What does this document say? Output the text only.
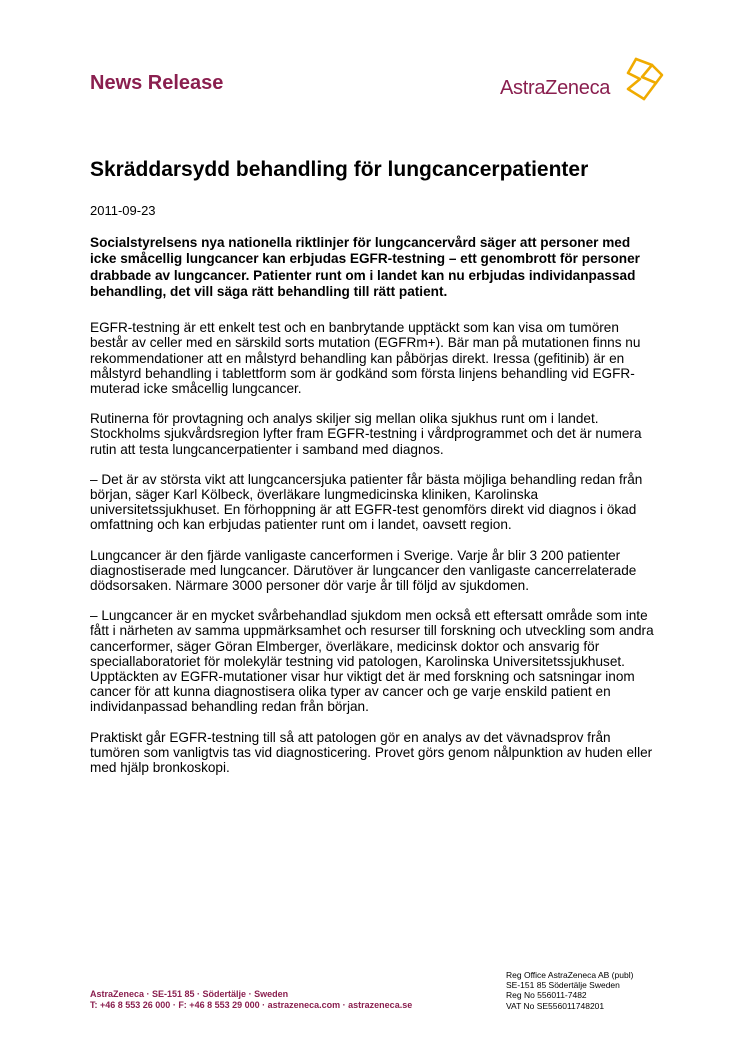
News Release	AstraZeneca
Skräddarsydd behandling för lungcancerpatienter
2011-09-23

Socialstyrelsens nya nationella riktlinjer för lungcancervård säger att personer med icke småcellig lungcancer kan erbjudas EGFR-testning – ett genombrott för personer drabbade av lungcancer. Patienter runt om i landet kan nu erbjudas individanpassad behandling, det vill säga rätt behandling till rätt patient.

EGFR-testning är ett enkelt test och en banbrytande upptäckt som kan visa om tumören består av celler med en särskild sorts mutation (EGFRm+). Bär man på mutationen finns nu rekommendationer att en målstyrd behandling kan påbörjas direkt. Iressa (gefitinib) är en målstyrd behandling i tablettform som är godkänd som första linjens behandling vid EGFR-muterad icke småcellig lungcancer.

Rutinerna för provtagning och analys skiljer sig mellan olika sjukhus runt om i landet. Stockholms sjukvårdsregion lyfter fram EGFR-testning i vårdprogrammet och det är numera rutin att testa lungcancerpatienter i samband med diagnos.

– Det är av största vikt att lungcancersjuka patienter får bästa möjliga behandling redan från början, säger Karl Kölbeck, överläkare lungmedicinska kliniken, Karolinska universitetssjukhuset. En förhoppning är att EGFR-test genomförs direkt vid diagnos i ökad omfattning och kan erbjudas patienter runt om i landet, oavsett region.

Lungcancer är den fjärde vanligaste cancerformen i Sverige. Varje år blir 3 200 patienter diagnostiserade med lungcancer. Därutöver är lungcancer den vanligaste cancerrelaterade dödsorsaken. Närmare 3000 personer dör varje år till följd av sjukdomen.

– Lungcancer är en mycket svårbehandlad sjukdom men också ett eftersatt område som inte fått i närheten av samma uppmärksamhet och resurser till forskning och utveckling som andra cancerformer, säger Göran Elmberger, överläkare, medicinsk doktor och ansvarig för speciallaboratoriet för molekylär testning vid patologen, Karolinska Universitetssjukhuset. Upptäckten av EGFR-mutationer visar hur viktigt det är med forskning och satsningar inom cancer för att kunna diagnostisera olika typer av cancer och ge varje enskild patient en individanpassad behandling redan från början.

Praktiskt går EGFR-testning till så att patologen gör en analys av det vävnadsprov från tumören som vanligtvis tas vid diagnosticering. Provet görs genom nålpunktion av huden eller med hjälp bronkoskopi.

AstraZeneca · SE-151 85 · Södertälje · Sweden
T: +46 8 553 26 000 · F: +46 8 553 29 000 · astrazeneca.com · astrazeneca.se
Reg Office AstraZeneca AB (publ)
SE-151 85 Södertälje Sweden
Reg No 556011-7482
VAT No SE556011748201
